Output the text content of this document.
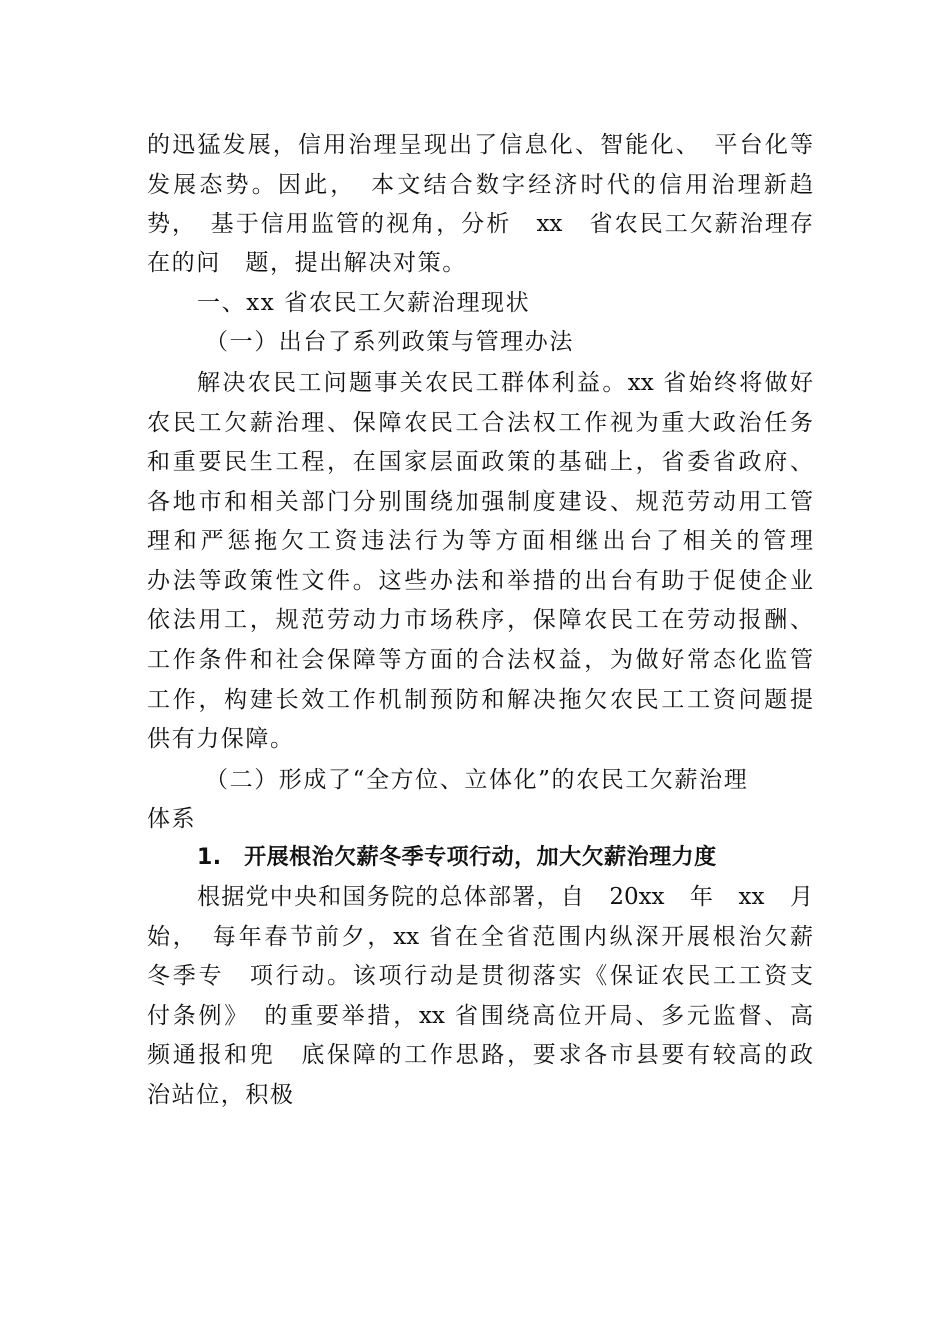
的迅猛发展，信用治理呈现出了信息化、智能化、　平台化等
发展态势。因此，　本文结合数字经济时代的信用治理新趋
势，　基于信用监管的视角，分析　xx　省农民工欠薪治理存
在的问　题，提出解决对策。
一、xx 省农民工欠薪治理现状
（一）出台了系列政策与管理办法
解决农民工问题事关农民工群体利益。xx 省始终将做好
农民工欠薪治理、保障农民工合法权工作视为重大政治任务
和重要民生工程，在国家层面政策的基础上，省委省政府、
各地市和相关部门分别围绕加强制度建设、规范劳动用工管
理和严惩拖欠工资违法行为等方面相继出台了相关的管理
办法等政策性文件。这些办法和举措的出台有助于促使企业
依法用工，规范劳动力市场秩序，保障农民工在劳动报酬、
工作条件和社会保障等方面的合法权益，为做好常态化监管
工作，构建长效工作机制预防和解决拖欠农民工工资问题提
供有力保障。
（二）形成了“全方位、立体化”的农民工欠薪治理
体系
1.　开展根治欠薪冬季专项行动，加大欠薪治理力度
根据党中央和国务院的总体部署，自　20xx　年　xx　月
始，　每年春节前夕，xx 省在全省范围内纵深开展根治欠薪
冬季专　项行动。该项行动是贯彻落实《保证农民工工资支
付条例》　的重要举措，xx 省围绕高位开局、多元监督、高
频通报和兜　底保障的工作思路，要求各市县要有较高的政
治站位，积极
